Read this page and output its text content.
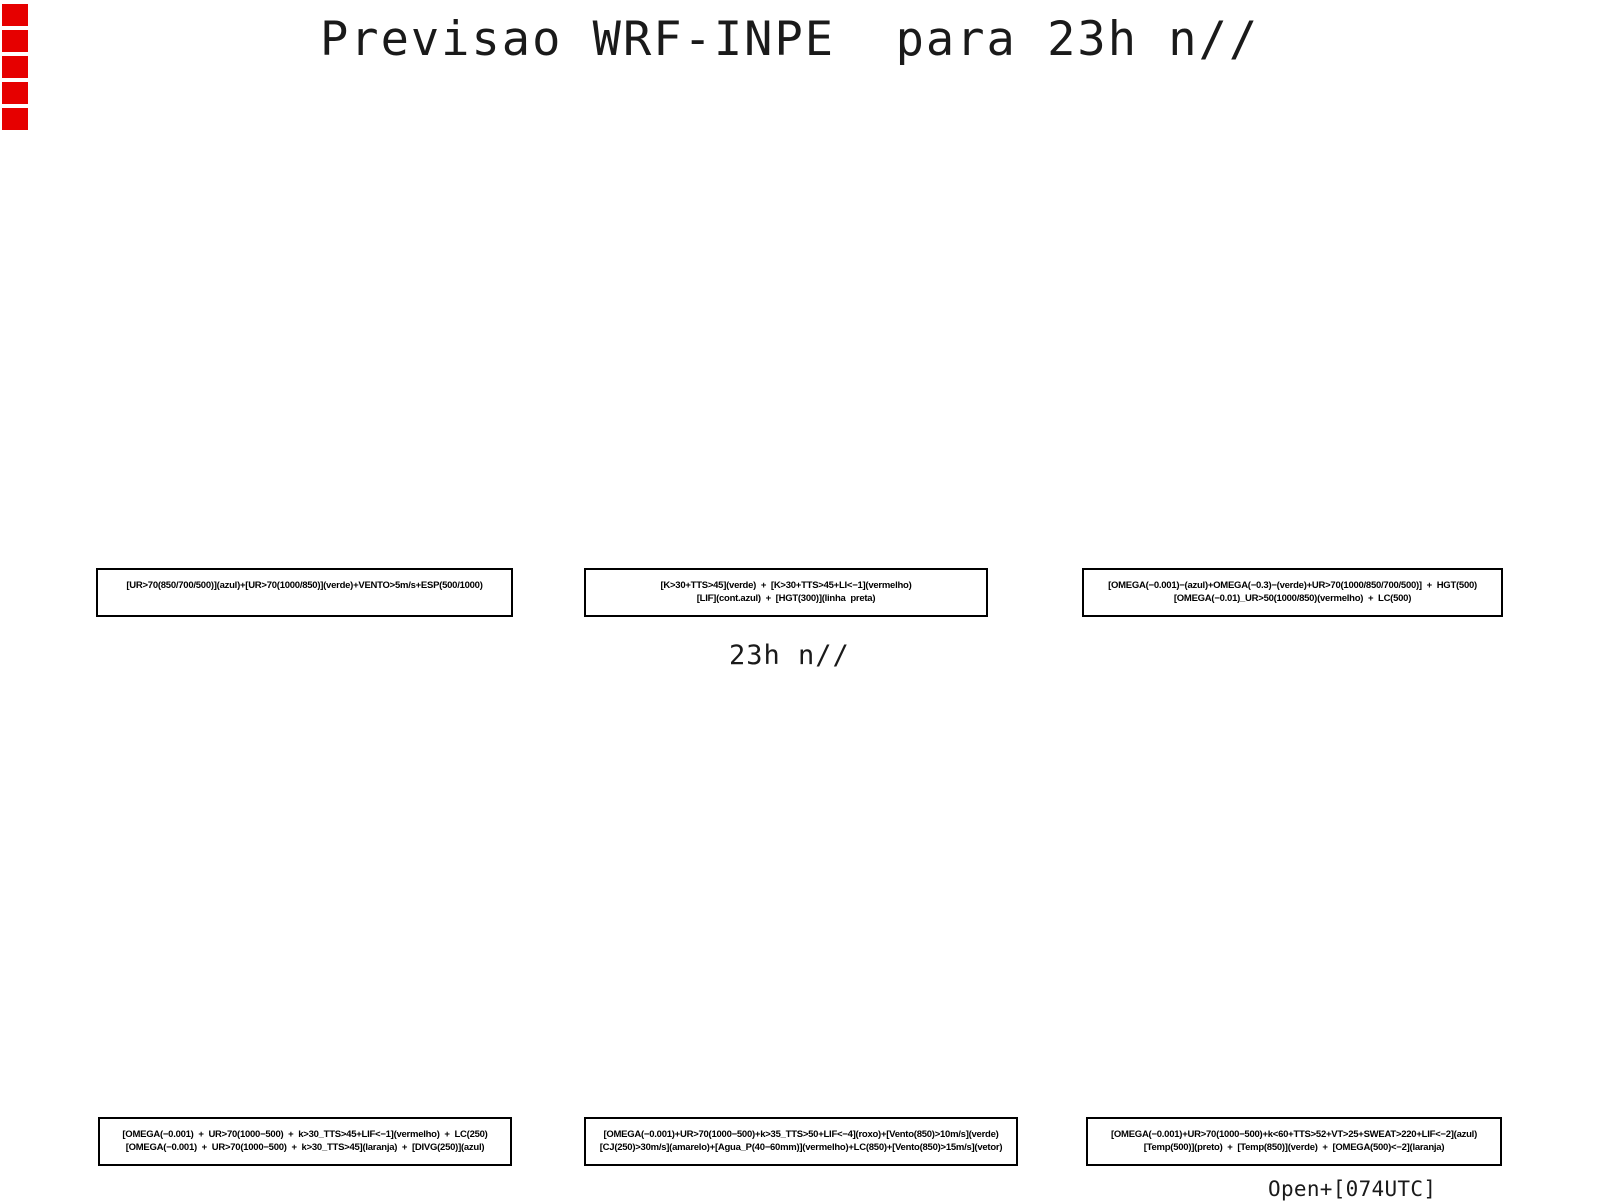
Previsao WRF-INPE  para 23h n//
[UR>70(850/700/500)](azul)+[UR>70(1000/850)](verde)+VENTO>5m/s+ESP(500/1000)	[K>30+TTS>45](verde)  +  [K>30+TTS>45+LI<−1](vermelho)
[LIF](cont.azul)  +  [HGT(300)](linha  preta)
[OMEGA(−0.001)−(azul)+OMEGA(−0.3)−(verde)+UR>70(1000/850/700/500)]  +  HGT(500)
[OMEGA(−0.01)_UR>50(1000/850)(vermelho)  +  LC(500)
23h n//
[OMEGA(−0.001)  +  UR>70(1000−500)  +  k>30_TTS>45+LIF<−1](vermelho)  +  LC(250)
[OMEGA(−0.001)  +  UR>70(1000−500)  +  k>30_TTS>45](laranja)  +  [DIVG(250)](azul)
[OMEGA(−0.001)+UR>70(1000−500)+k>35_TTS>50+LIF<−4](roxo)+[Vento(850)>10m/s](verde)
[CJ(250)>30m/s](amarelo)+[Agua_P(40−60mm)](vermelho)+LC(850)+[Vento(850)>15m/s](vetor)
[OMEGA(−0.001)+UR>70(1000−500)+k<60+TTS>52+VT>25+SWEAT>220+LIF<−2](azul)
[Temp(500)](preto)  +  [Temp(850)](verde)  +  [OMEGA(500)<−2](laranja)
Open+[074UTC]
